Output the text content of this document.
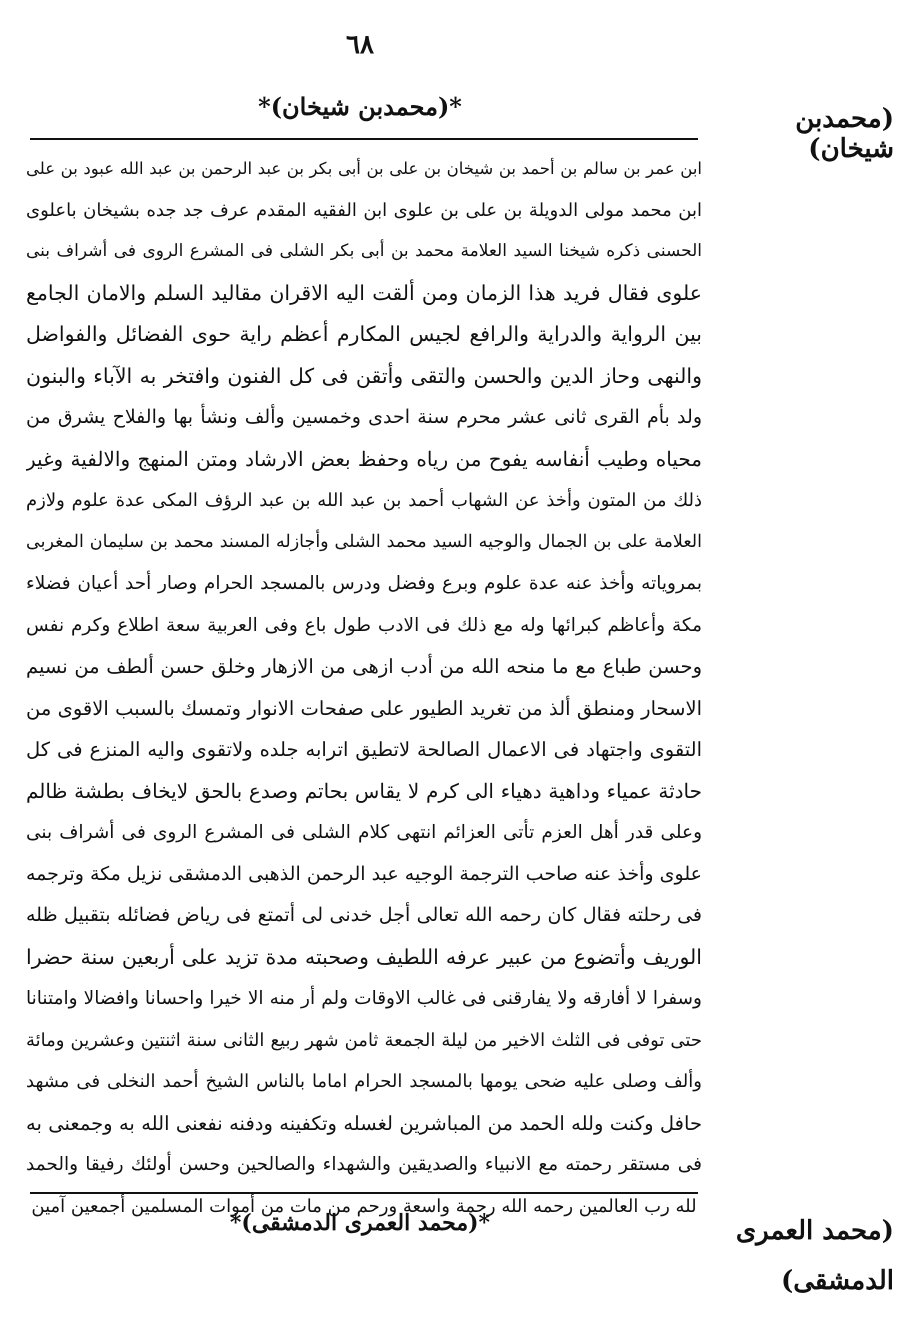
٦٨
*(محمدبن شيخان)*	(محمدبن شيخان)
ابن عمر بن سالم بن أحمد بن شيخان بن على بن أبى بكر بن عبد الرحمن بن عبد الله عبود بن على
ابن محمد مولى الدويلة بن على بن علوى ابن الفقيه المقدم عرف جد جده بشيخان باعلوى
الحسنى ذكره شيخنا السيد العلامة محمد بن أبى بكر الشلى فى المشرع الروى فى أشراف بنى
علوى فقال فريد هذا الزمان ومن ألقت اليه الاقران مقاليد السلم والامان الجامع
بين الرواية والدراية والرافع لجيس المكارم أعظم راية حوى الفضائل والفواضل
والنهى وحاز الدين والحسن والتقى وأتقن فى كل الفنون وافتخر به الآباء والبنون
ولد بأم القرى ثانى عشر محرم سنة احدى وخمسين وألف ونشأ بها والفلاح يشرق من
محياه وطيب أنفاسه يفوح من رياه وحفظ بعض الارشاد ومتن المنهج والالفية وغير
ذلك من المتون وأخذ عن الشهاب أحمد بن عبد الله بن عبد الرؤف المكى عدة علوم ولازم
العلامة على بن الجمال والوجيه السيد محمد الشلى وأجازله المسند محمد بن سليمان المغربى
بمروياته وأخذ عنه عدة علوم وبرع وفضل ودرس بالمسجد الحرام وصار أحد أعيان فضلاء
مكة وأعاظم كبرائها وله مع ذلك فى الادب طول باع وفى العربية سعة اطلاع وكرم نفس
وحسن طباع مع ما منحه الله من أدب ازهى من الازهار وخلق حسن ألطف من نسيم
الاسحار ومنطق ألذ من تغريد الطيور على صفحات الانوار وتمسك بالسبب الاقوى من
التقوى واجتهاد فى الاعمال الصالحة لاتطيق اترابه جلده ولاتقوى واليه المنزع فى كل
حادثة عمياء وداهية دهياء الى كرم لا يقاس بحاتم وصدع بالحق لايخاف بطشة ظالم
وعلى قدر أهل العزم تأتى العزائم انتهى كلام الشلى فى المشرع الروى فى أشراف بنى
علوى وأخذ عنه صاحب الترجمة الوجيه عبد الرحمن الذهبى الدمشقى نزيل مكة وترجمه
فى رحلته فقال كان رحمه الله تعالى أجل خدنى لى أتمتع فى رياض فضائله بتقبيل ظله
الوريف وأتضوع من عبير عرفه اللطيف وصحبته مدة تزيد على أربعين سنة حضرا
وسفرا لا أفارقه ولا يفارقنى فى غالب الاوقات ولم أر منه الا خيرا واحسانا وافضالا وامتنانا
حتى توفى فى الثلث الاخير من ليلة الجمعة ثامن شهر ربيع الثانى سنة اثنتين وعشرين ومائة
وألف وصلى عليه ضحى يومها بالمسجد الحرام اماما بالناس الشيخ أحمد النخلى فى مشهد
حافل وكنت ولله الحمد من المباشرين لغسله وتكفينه ودفنه نفعنى الله به وجمعنى به
فى مستقر رحمته مع الانبياء والصديقين والشهداء والصالحين وحسن أولئك رفيقا والحمد
لله رب العالمين رحمه الله رحمة واسعة ورحم من مات من أموات المسلمين أجمعين آمين
*(محمد العمرى الدمشقى)*	(محمد العمرى
الدمشقى)
